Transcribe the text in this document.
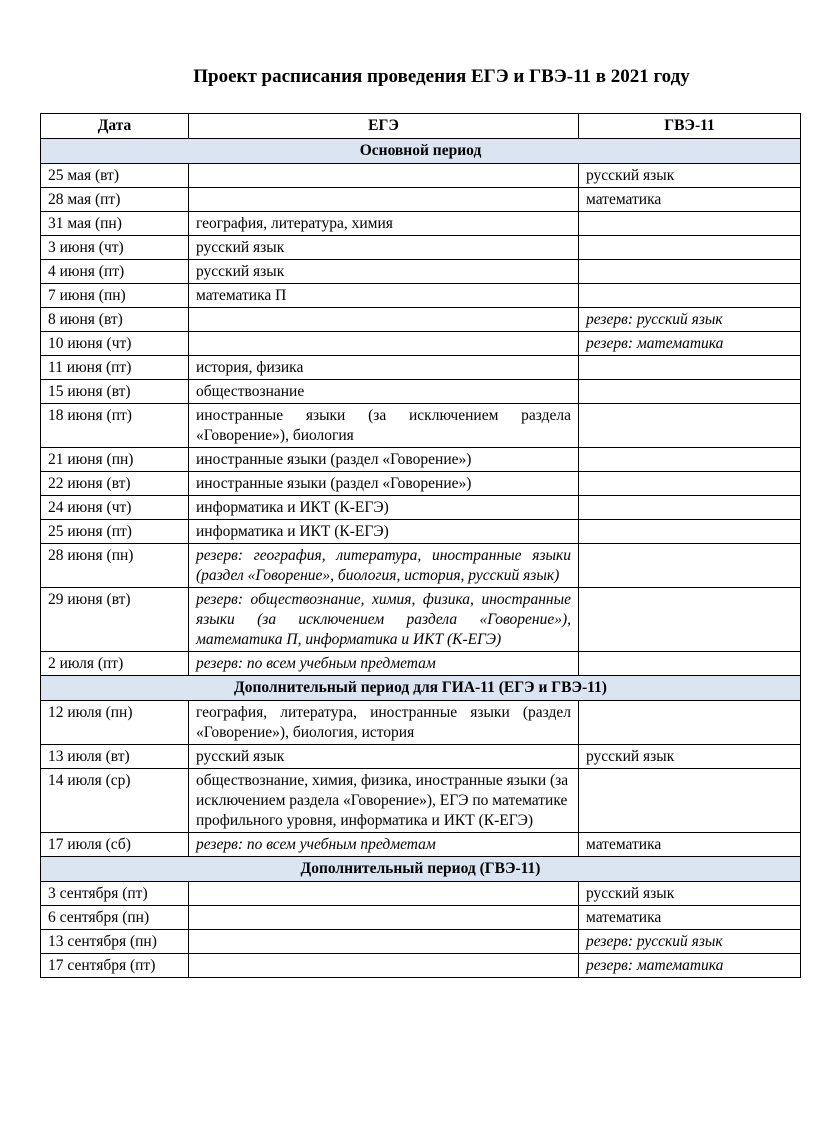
Проект расписания проведения ЕГЭ и ГВЭ-11 в 2021 году
Дата	ЕГЭ	ГВЭ-11
Основной период		
25 мая (вт)		русский язык
28 мая (пт)		математика
31 мая (пн)	география, литература, химия	
3 июня (чт)	русский язык	
4 июня (пт)	русский язык	
7 июня (пн)	математика П	
8 июня (вт)		резерв: русский язык
10 июня (чт)		резерв: математика
11 июня (пт)	история, физика	
15 июня (вт)	обществознание	
18 июня (пт)	иностранные языки (за исключением раздела «Говорение»), биология	
21 июня (пн)	иностранные языки (раздел «Говорение»)	
22 июня (вт)	иностранные языки (раздел «Говорение»)	
24 июня (чт)	информатика и ИКТ (К-ЕГЭ)	
25 июня (пт)	информатика и ИКТ (К-ЕГЭ)	
28 июня (пн)	резерв: география, литература, иностранные языки (раздел «Говорение», биология, история, русский язык)	
29 июня (вт)	резерв: обществознание, химия, физика, иностранные языки (за исключением раздела «Говорение»), математика П, информатика и ИКТ (К-ЕГЭ)	
2 июля (пт)	резерв: по всем учебным предметам	
Дополнительный период для ГИА-11 (ЕГЭ и ГВЭ-11)		
12 июля (пн)	география, литература, иностранные языки (раздел «Говорение»), биология, история	
13 июля (вт)	русский язык	русский язык
14 июля (ср)	обществознание, химия, физика, иностранные языки (за исключением раздела «Говорение»), ЕГЭ по математике профильного уровня, информатика и ИКТ (К-ЕГЭ)	
17 июля (сб)	резерв: по всем учебным предметам	математика
Дополнительный период (ГВЭ-11)		
3 сентября (пт)		русский язык
6 сентября (пн)		математика
13 сентября (пн)		резерв: русский язык
17 сентября (пт)		резерв: математика
